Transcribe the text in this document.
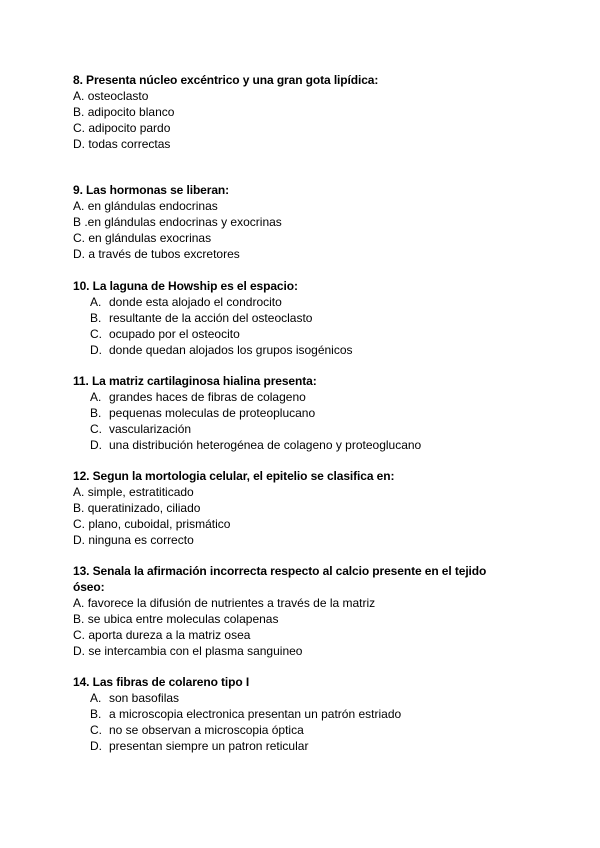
8. Presenta núcleo excéntrico y una gran gota lipídica:
A. osteoclasto
B. adipocito blanco
C. adipocito pardo
D. todas correctas
9. Las hormonas se liberan:
A. en glándulas endocrinas
B .en glándulas endocrinas y exocrinas
C. en glándulas exocrinas
D. a través de tubos excretores
10. La laguna de Howship es el espacio:
A. donde esta alojado el condrocito
B. resultante de la acción del osteoclasto
C. ocupado por el osteocito
D. donde quedan alojados los grupos isogénicos
11. La matriz cartilaginosa hialina presenta:
A. grandes haces de fibras de colageno
B. pequenas moleculas de proteoplucano
C. vascularización
D. una distribución heterogénea de colageno y proteoglucano
12. Segun la mortologia celular, el epitelio se clasifica en:
A. simple, estratiticado
B. queratinizado, ciliado
C. plano, cuboidal, prismático
D. ninguna es correcto
13. Senala la afirmación incorrecta respecto al calcio presente en el tejido óseo:
A. favorece la difusión de nutrientes a través de la matriz
B. se ubica entre moleculas colapenas
C. aporta dureza a la matriz osea
D. se intercambia con el plasma sanguineo
14. Las fibras de colareno tipo I
A. son basofilas
B. a microscopia electronica presentan un patrón estriado
C. no se observan a microscopia óptica
D. presentan siempre un patron reticular
